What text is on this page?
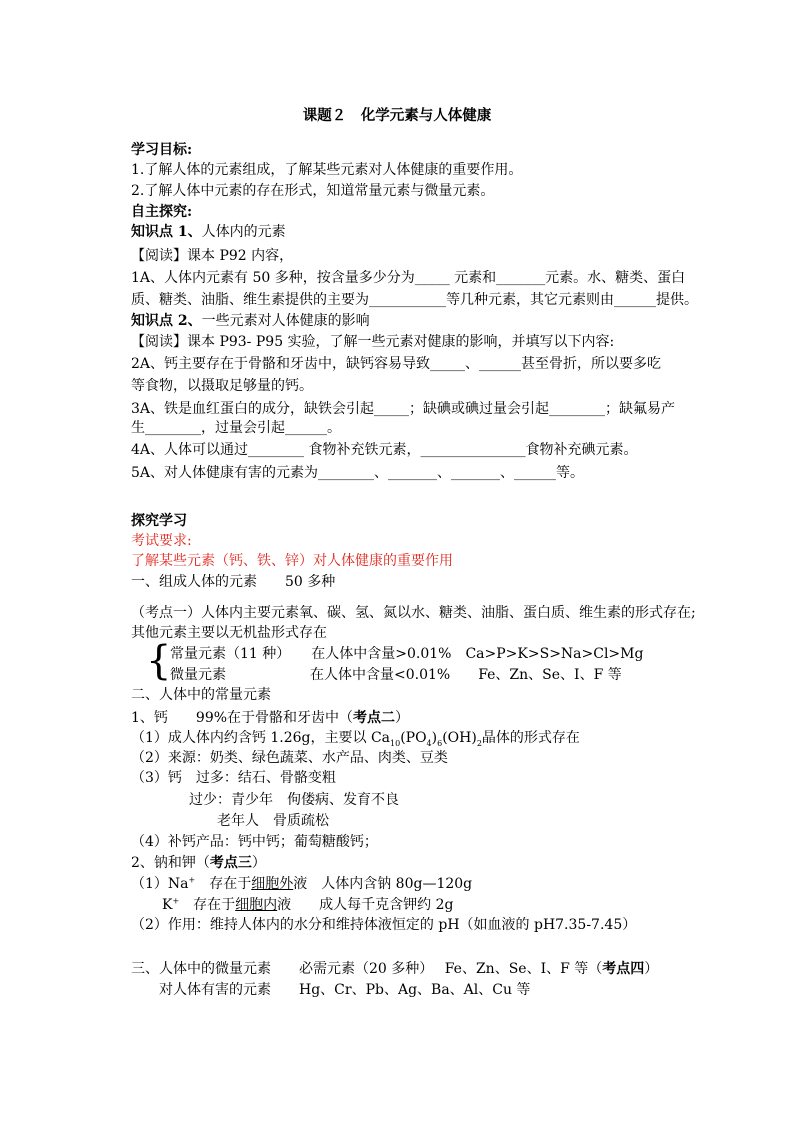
课题２　化学元素与人体健康
学习目标:
1.了解人体的元素组成，了解某些元素对人体健康的重要作用。
2.了解人体中元素的存在形式，知道常量元素与微量元素。
自主探究:
知识点 1、人体内的元素
【阅读】课本 P92 内容，
1A、人体内元素有 50 多种，按含量多少分为_____ 元素和_______元素。水、糖类、蛋白
质、糖类、油脂、维生素提供的主要为___________等几种元素，其它元素则由______提供。
知识点 2、一些元素对人体健康的影响
【阅读】课本 P93- P95 实验，了解一些元素对健康的影响，并填写以下内容:
2A、钙主要存在于骨骼和牙齿中，缺钙容易导致_____、______甚至骨折，所以要多吃
等食物，以摄取足够量的钙。
3A、铁是血红蛋白的成分，缺铁会引起_____；缺碘或碘过量会引起________；缺氟易产
生________，过量会引起______。
4A、人体可以通过________ 食物补充铁元素，_______________食物补充碘元素。
5A、对人体健康有害的元素为________、_______、_______、______等。
探究学习
考试要求:
了解某些元素（钙、铁、锌）对人体健康的重要作用
一、组成人体的元素　　50 多种
（考点一）人体内主要元素氧、碳、氢、氮以水、糖类、油脂、蛋白质、维生素的形式存在;
其他元素主要以无机盐形式存在
{
常量元素（11 种）　　在人体中含量>0.01%　Ca>P>K>S>Na>Cl>Mg
微量元素　　　　　　在人体中含量<0.01%　　Fe、Zn、Se、I、F 等
二、人体中的常量元素
1、钙　　99%在于骨骼和牙齿中（考点二）
（1）成人体内约含钙 1.26g，主要以 $Ca_{10}(PO_4)_6(OH)_2$晶体的形式存在
（2）来源：奶类、绿色蔬菜、水产品、肉类、豆类
（3）钙　过多：结石、骨骼变粗
过少：青少年　佝偻病、发育不良
老年人　骨质疏松
（4）补钙产品：钙中钙；葡萄糖酸钙；
2、钠和钾（考点三）
（1）Na+　存在于细胞外液　人体内含钠 80g—120g
K+　存在于细胞内液　　成人每千克含钾约 2g
（2）作用：维持人体内的水分和维持体液恒定的 pH（如血液的 pH7.35-7.45）
三、人体中的微量元素　　必需元素（20 多种）　 Fe、Zn、Se、I、F 等（考点四）
对人体有害的元素　　Hg、Cr、Pb、Ag、Ba、Al、Cu 等
